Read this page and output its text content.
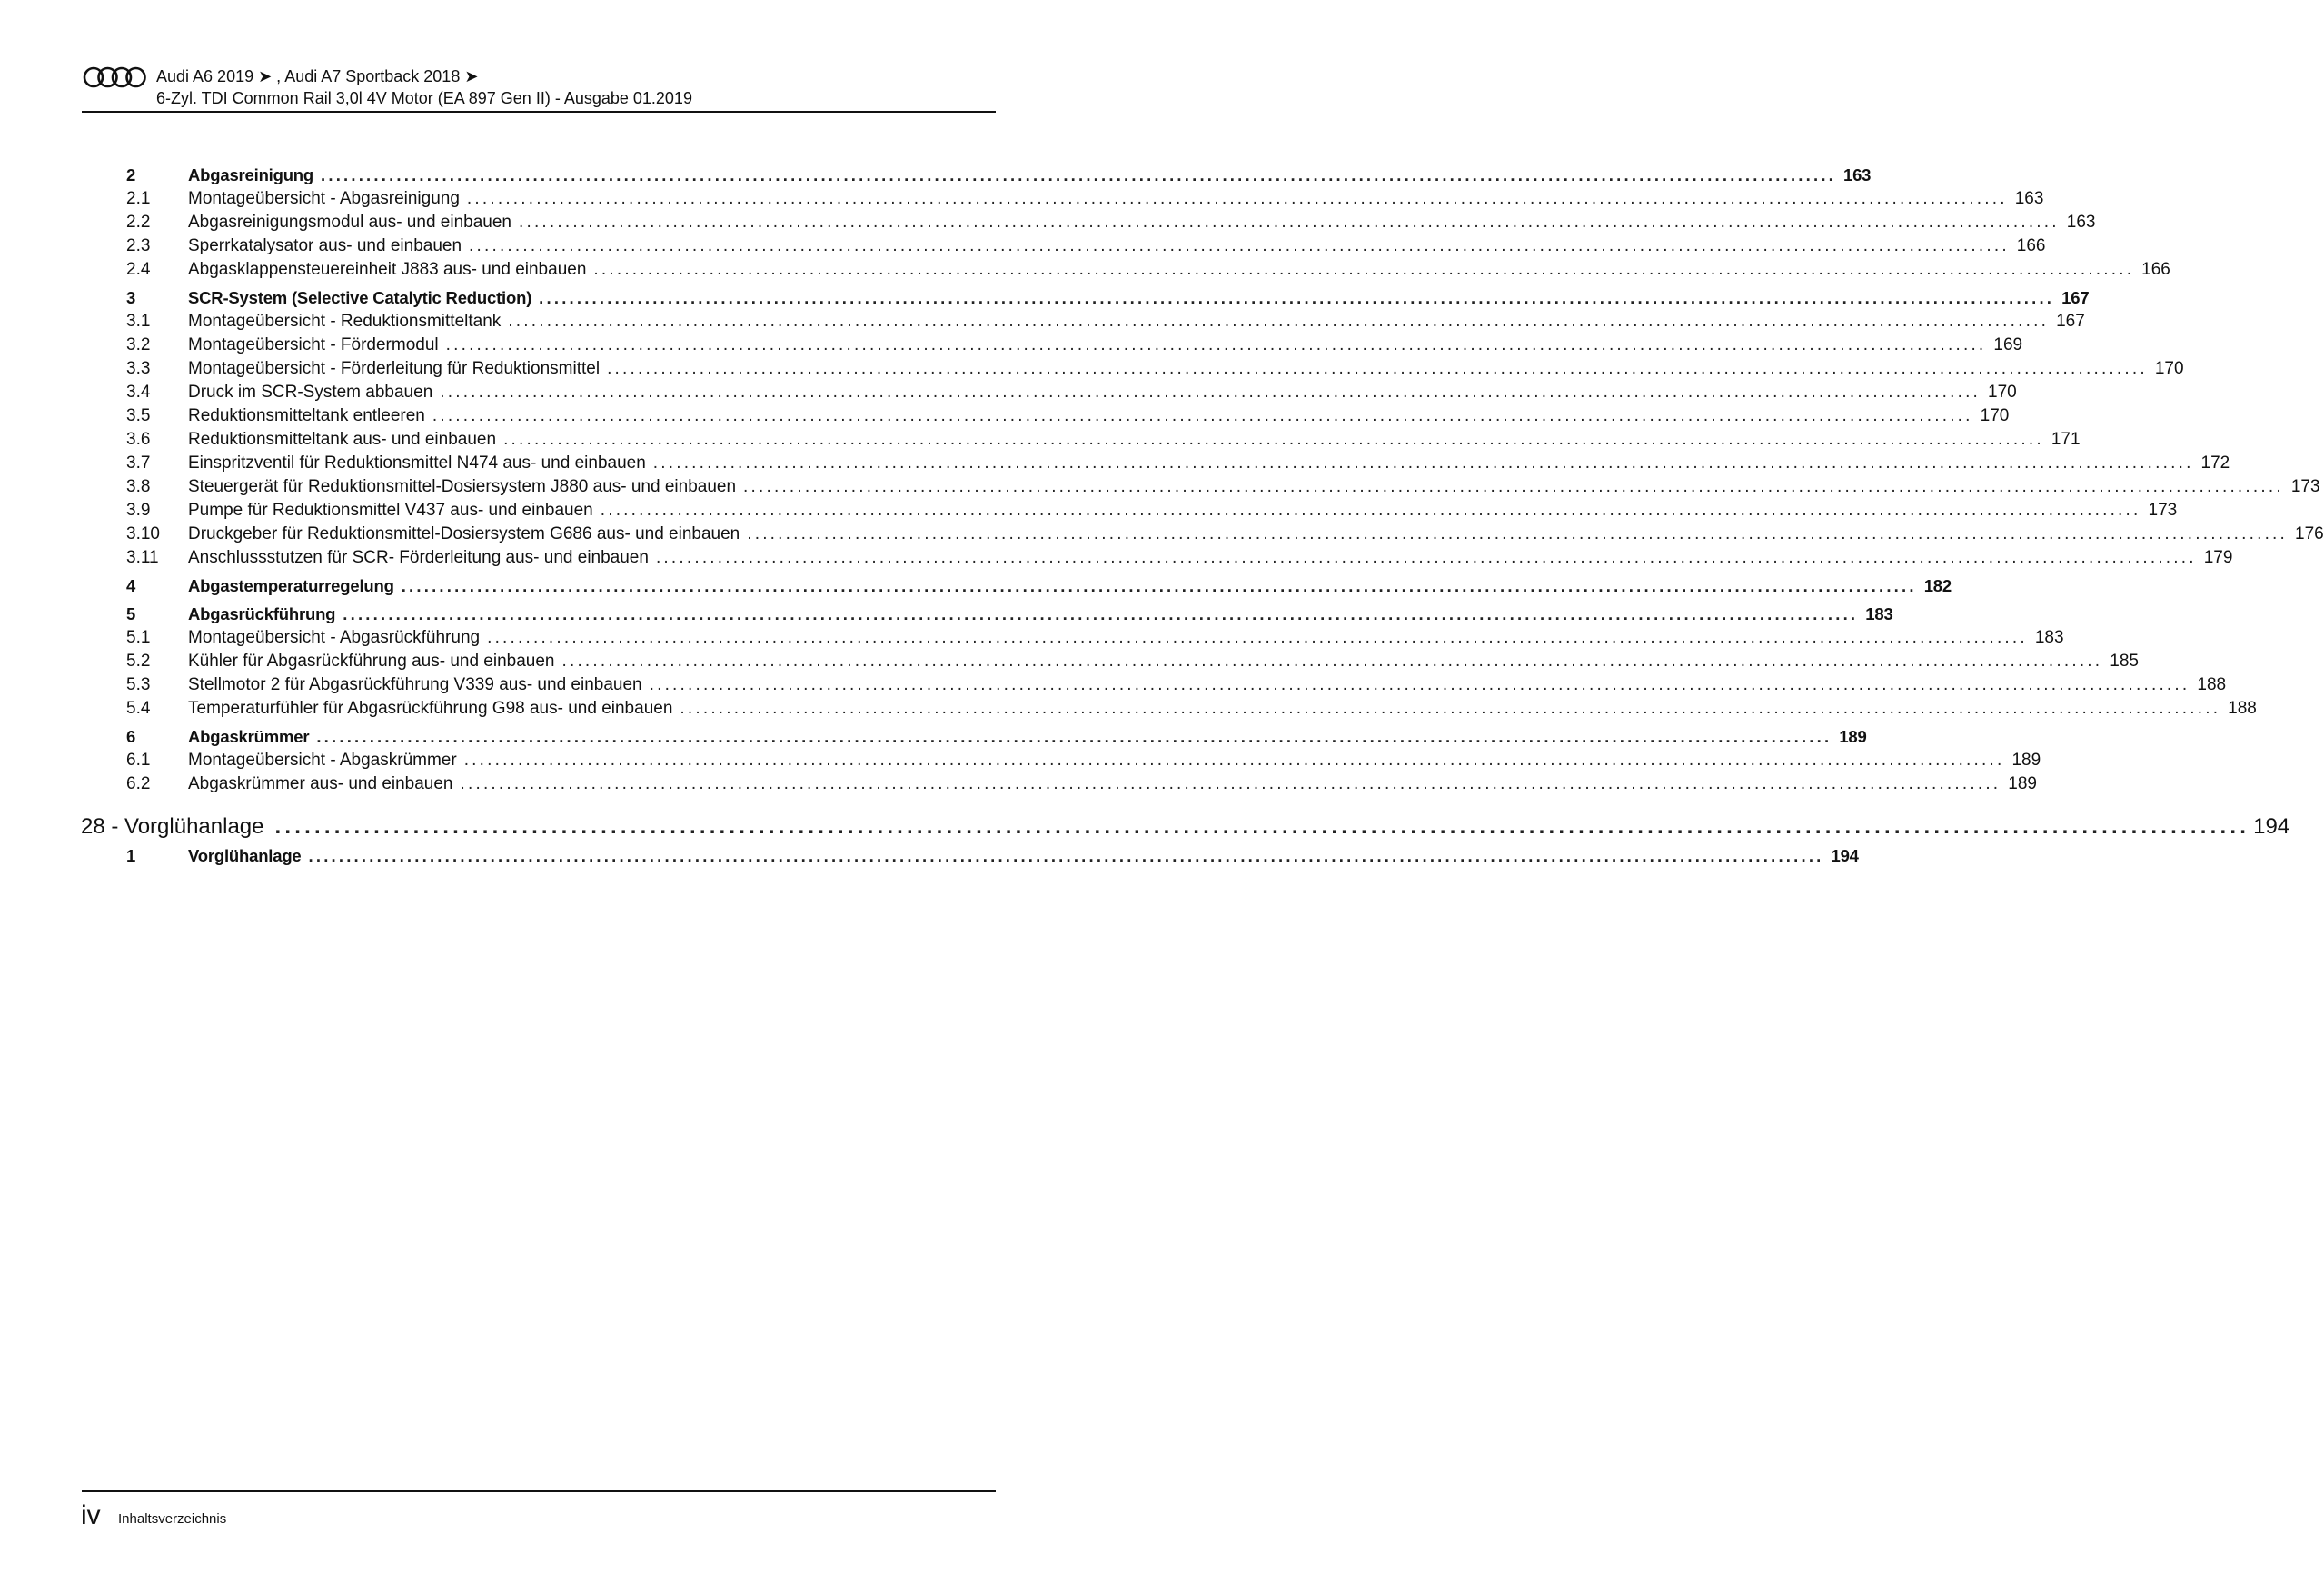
Audi A6 2019 ➤ , Audi A7 Sportback 2018 ➤
6-Zyl. TDI Common Rail 3,0l 4V Motor (EA 897 Gen II) - Ausgabe 01.2019
2	Abgasreinigung ........................................................................................................................................................................................................ 163
2.1	Montageübersicht - Abgasreinigung ........................................................................................................................................................................................................ 163
2.2	Abgasreinigungsmodul aus- und einbauen ........................................................................................................................................................................................................ 163
2.3	Sperrkatalysator aus- und einbauen ........................................................................................................................................................................................................ 166
2.4	Abgasklappensteuereinheit J883 aus- und einbauen ........................................................................................................................................................................................................ 166
3	SCR-System (Selective Catalytic Reduction) ........................................................................................................................................................................................................ 167
3.1	Montageübersicht - Reduktionsmitteltank ........................................................................................................................................................................................................ 167
3.2	Montageübersicht - Fördermodul ........................................................................................................................................................................................................ 169
3.3	Montageübersicht - Förderleitung für Reduktionsmittel ........................................................................................................................................................................................................ 170
3.4	Druck im SCR-System abbauen ........................................................................................................................................................................................................ 170
3.5	Reduktionsmitteltank entleeren ........................................................................................................................................................................................................ 170
3.6	Reduktionsmitteltank aus- und einbauen ........................................................................................................................................................................................................ 171
3.7	Einspritzventil für Reduktionsmittel N474 aus- und einbauen ........................................................................................................................................................................................................ 172
3.8	Steuergerät für Reduktionsmittel-Dosiersystem J880 aus- und einbauen ........................................................................................................................................................................................................ 173
3.9	Pumpe für Reduktionsmittel V437 aus- und einbauen ........................................................................................................................................................................................................ 173
3.10	Druckgeber für Reduktionsmittel-Dosiersystem G686 aus- und einbauen ........................................................................................................................................................................................................ 176
3.11	Anschlussstutzen für SCR- Förderleitung aus- und einbauen ........................................................................................................................................................................................................ 179
4	Abgastemperaturregelung ........................................................................................................................................................................................................ 182
5	Abgasrückführung ........................................................................................................................................................................................................ 183
5.1	Montageübersicht - Abgasrückführung ........................................................................................................................................................................................................ 183
5.2	Kühler für Abgasrückführung aus- und einbauen ........................................................................................................................................................................................................ 185
5.3	Stellmotor 2 für Abgasrückführung V339 aus- und einbauen ........................................................................................................................................................................................................ 188
5.4	Temperaturfühler für Abgasrückführung G98 aus- und einbauen ........................................................................................................................................................................................................ 188
6	Abgaskrümmer ........................................................................................................................................................................................................ 189
6.1	Montageübersicht - Abgaskrümmer ........................................................................................................................................................................................................ 189
6.2	Abgaskrümmer aus- und einbauen ........................................................................................................................................................................................................ 189
28 - Vorglühanlage ........................................................................................................................................................................................................ 194
1	Vorglühanlage ........................................................................................................................................................................................................ 194
iv Inhaltsverzeichnis
